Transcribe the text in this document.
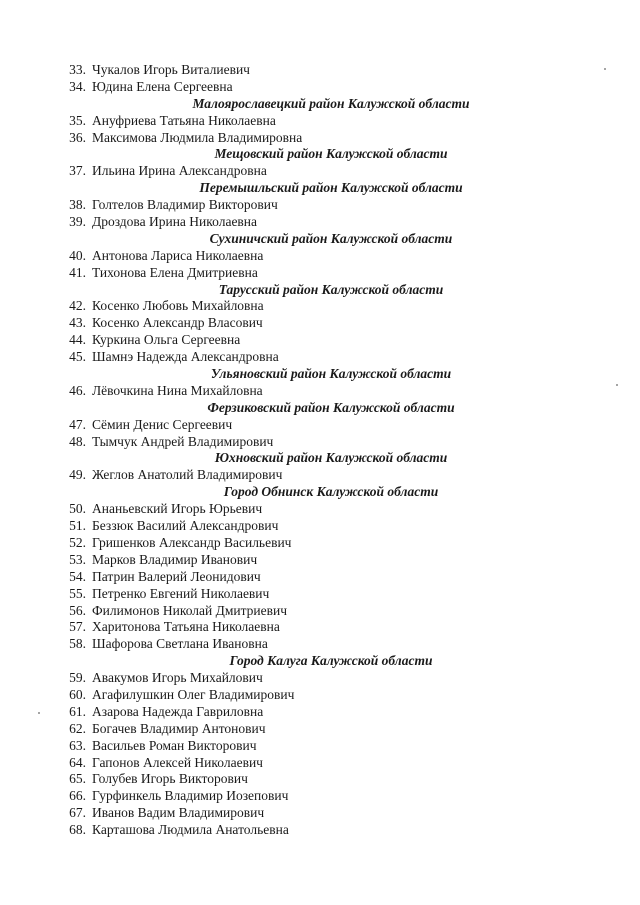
33. Чукалов Игорь Виталиевич
34. Юдина Елена Сергеевна
Малоярославецкий район Калужской области
35. Ануфриева Татьяна Николаевна
36. Максимова Людмила Владимировна
Мещовский район Калужской области
37. Ильина Ирина Александровна
Перемышльский район Калужской области
38. Голтелов Владимир Викторович
39. Дроздова Ирина Николаевна
Сухиничский район Калужской области
40. Антонова Лариса Николаевна
41. Тихонова Елена Дмитриевна
Тарусский район Калужской области
42. Косенко Любовь Михайловна
43. Косенко Александр Власович
44. Куркина Ольга Сергеевна
45. Шамнэ Надежда Александровна
Ульяновский район Калужской области
46. Лёвочкина Нина Михайловна
Ферзиковский район Калужской области
47. Сёмин Денис Сергеевич
48. Тымчук Андрей Владимирович
Юхновский район Калужской области
49. Жеглов Анатолий Владимирович
Город Обнинск Калужской области
50. Ананьевский Игорь Юрьевич
51. Беззюк Василий Александрович
52. Гришенков Александр Васильевич
53. Марков Владимир Иванович
54. Патрин Валерий Леонидович
55. Петренко Евгений Николаевич
56. Филимонов Николай Дмитриевич
57. Харитонова Татьяна Николаевна
58. Шафорова Светлана Ивановна
Город Калуга Калужской области
59. Авакумов Игорь Михайлович
60. Агафилушкин Олег Владимирович
61. Азарова Надежда Гавриловна
62. Богачев Владимир Антонович
63. Васильев Роман Викторович
64. Гапонов Алексей Николаевич
65. Голубев Игорь Викторович
66. Гурфинкель Владимир Иозепович
67. Иванов Вадим Владимирович
68. Карташова Людмила Анатольевна
